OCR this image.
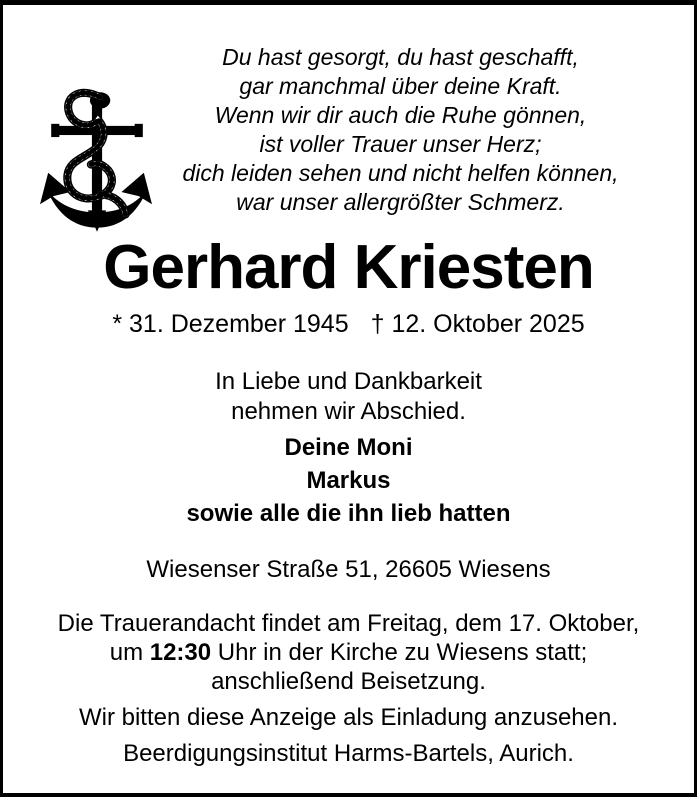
Du hast gesorgt, du hast geschafft,
gar manchmal über deine Kraft.
Wenn wir dir auch die Ruhe gönnen,
ist voller Trauer unser Herz;
dich leiden sehen und nicht helfen können,
war unser allergrößter Schmerz.
Gerhard Kriesten
* 31. Dezember 1945 † 12. Oktober 2025
In Liebe und Dankbarkeit
nehmen wir Abschied.
Deine Moni
Markus
sowie alle die ihn lieb hatten
Wiesenser Straße 51, 26605 Wiesens
Die Trauerandacht findet am Freitag, dem 17. Oktober,
um 12:30 Uhr in der Kirche zu Wiesens statt;
anschließend Beisetzung.
Wir bitten diese Anzeige als Einladung anzusehen.
Beerdigungsinstitut Harms-Bartels, Aurich.
